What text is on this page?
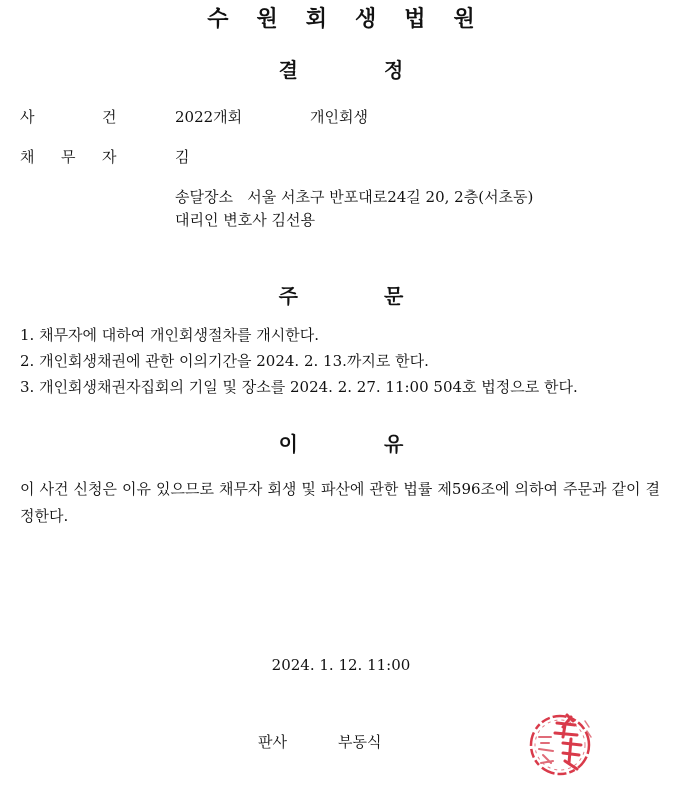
수원회생법원
결	정
사	건	2022개회	개인회생
채 무 자	김
송달장소   서울 서초구 반포대로24길 20, 2층(서초동)
대리인 변호사 김선용
주	문
1. 채무자에 대하여 개인회생절차를 개시한다.
2. 개인회생채권에 관한 이의기간을 2024. 2. 13.까지로 한다.
3. 개인회생채권자집회의 기일 및 장소를 2024. 2. 27. 11:00 504호 법정으로 한다.
이	유
이 사건 신청은 이유 있으므로 채무자 회생 및 파산에 관한 법률 제596조에 의하여 주문과 같이 결정한다.
2024. 1. 12. 11:00
판사	부동식
